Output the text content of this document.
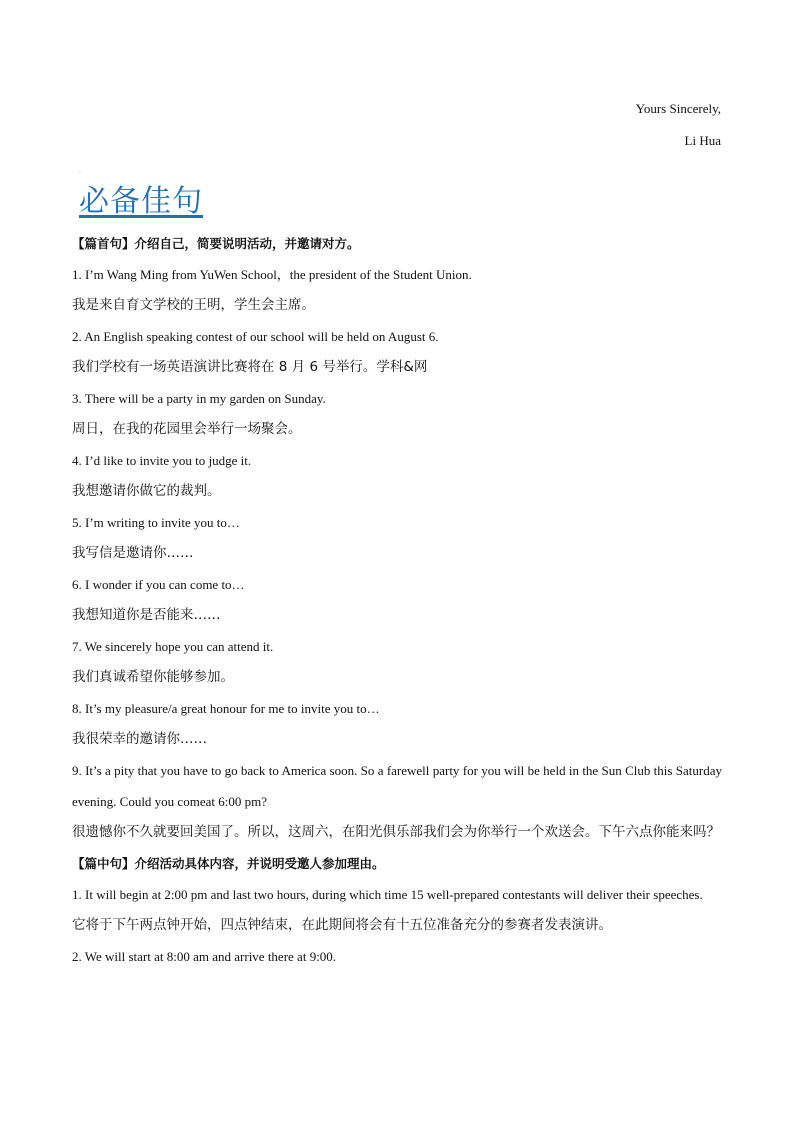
Yours Sincerely,
Li Hua
.
必备佳句

【篇首句】介绍自己，简要说明活动，并邀请对方。

1. I’m Wang Ming from YuWen School，the president of the Student Union.

我是来自育文学校的王明，学生会主席。

2. An English speaking contest of our school will be held on August 6.

我们学校有一场英语演讲比赛将在 8 月 6 号举行。学科&网

3. There will be a party in my garden on Sunday.

周日，在我的花园里会举行一场聚会。

4. I’d like to invite you to judge it.

我想邀请你做它的裁判。

5. I’m writing to invite you to…

我写信是邀请你……

6. I wonder if you can come to…

我想知道你是否能来……

7. We sincerely hope you can attend it.

我们真诚希望你能够参加。

8. It’s my pleasure/a great honour for me to invite you to…

我很荣幸的邀请你……

9. It’s a pity that you have to go back to America soon. So a farewell party for you will be held in the Sun Club this Saturday evening. Could you comeat 6:00 pm?

很遗憾你不久就要回美国了。所以，这周六，在阳光俱乐部我们会为你举行一个欢送会。下午六点你能来吗？

【篇中句】介绍活动具体内容，并说明受邀人参加理由。

1. It will begin at 2:00 pm and last two hours, during which time 15 well-prepared contestants will deliver their speeches.

它将于下午两点钟开始，四点钟结束，在此期间将会有十五位准备充分的参赛者发表演讲。

2. We will start at 8:00 am and arrive there at 9:00.
